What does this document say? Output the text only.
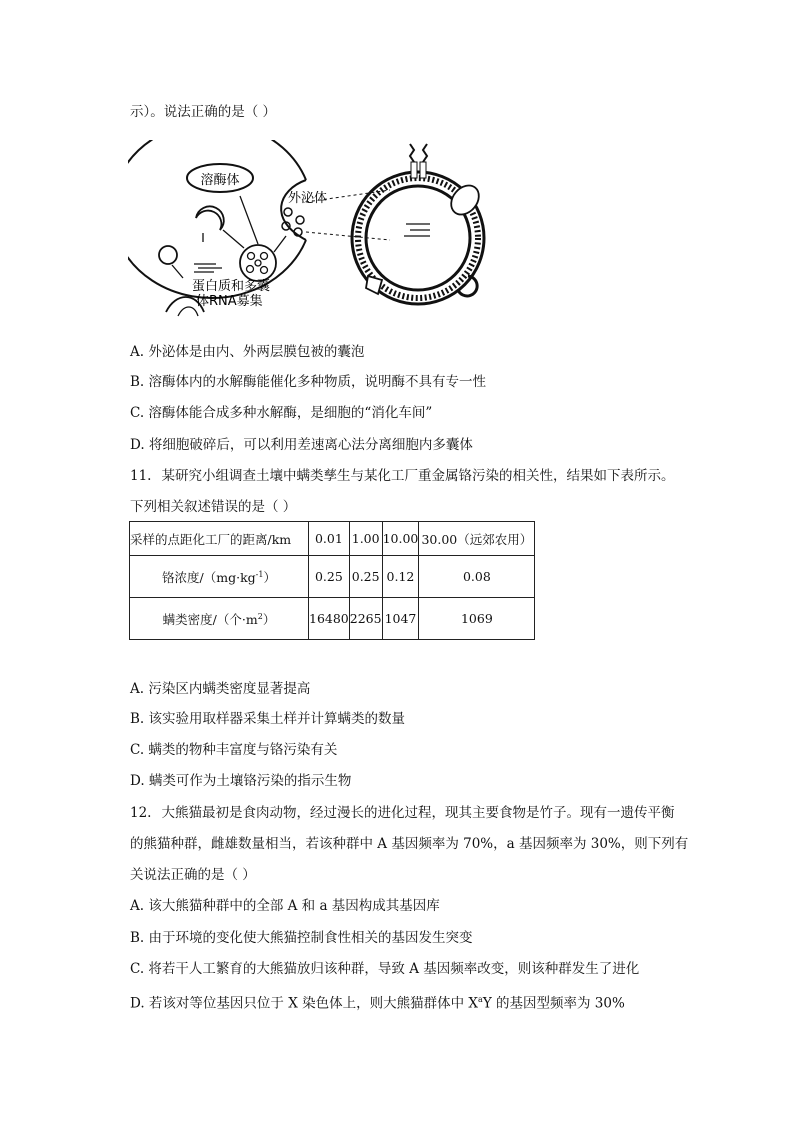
示）。说法正确的是（ ）
溶酶体
外泌体
蛋白质和多囊
体RNA募集
A. 外泌体是由内、外两层膜包被的囊泡
B. 溶酶体内的水解酶能催化多种物质，说明酶不具有专一性
C. 溶酶体能合成多种水解酶，是细胞的“消化车间”
D. 将细胞破碎后，可以利用差速离心法分离细胞内多囊体
11. 某研究小组调查土壤中螨类孳生与某化工厂重金属铬污染的相关性，结果如下表所示。
下列相关叙述错误的是（ ）
采样的点距化工厂的距离/km	0.01	1.00	10.00	30.00（远郊农用）
铬浓度$/(mg\cdot kg^{-1})$	0.25	0.25	0.12	0.08
螨类密度/（个$\cdot m^2$）	16480	2265	1047	1069
A. 污染区内螨类密度显著提高
B. 该实验用取样器采集土样并计算螨类的数量
C. 螨类的物种丰富度与铬污染有关
D. 螨类可作为土壤铬污染的指示生物
12. 大熊猫最初是食肉动物，经过漫长的进化过程，现其主要食物是竹子。现有一遗传平衡
的熊猫种群，雌雄数量相当，若该种群中 A 基因频率为 70%，a 基因频率为 30%，则下列有
关说法正确的是（ ）
A. 该大熊猫种群中的全部 A 和 a 基因构成其基因库
B. 由于环境的变化使大熊猫控制食性相关的基因发生突变
C. 将若干人工繁育的大熊猫放归该种群，导致 A 基因频率改变，则该种群发生了进化
D. 若该对等位基因只位于 X 染色体上，则大熊猫群体中 $X^aY$ 的基因型频率为 30%
